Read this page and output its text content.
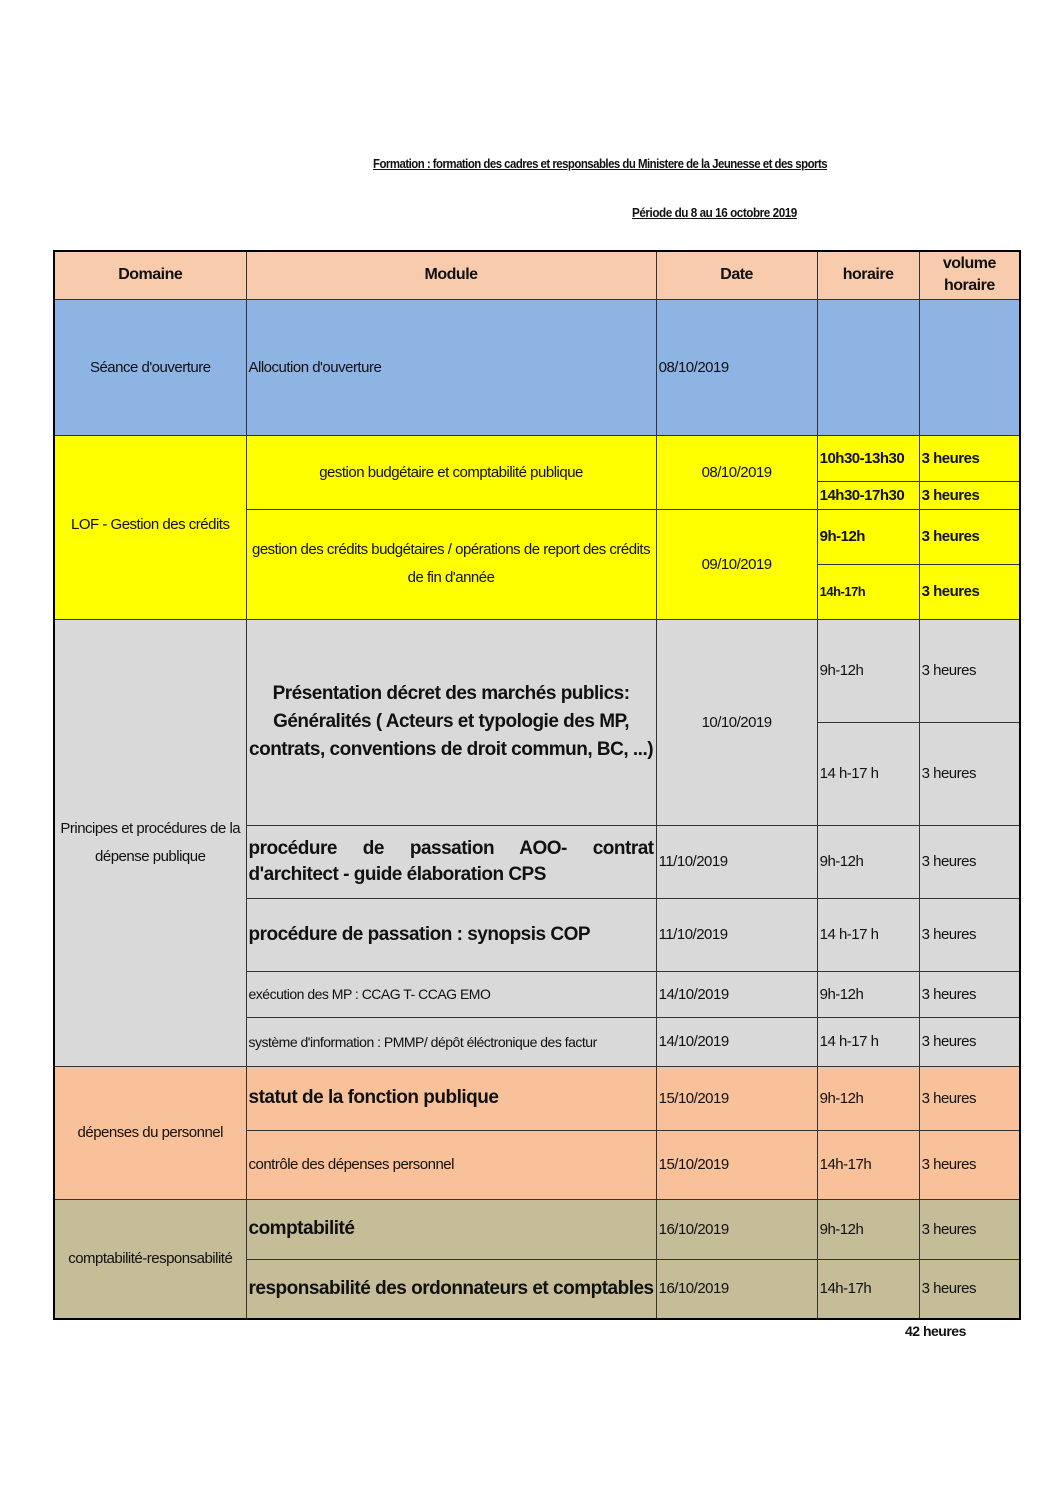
Formation : formation des cadres et responsables du Ministere de la Jeunesse et des sports
Période du 8 au 16 octobre 2019
Domaine	Module	Date	horaire	volume horaire
Séance d'ouverture	Allocution d'ouverture	08/10/2019		
LOF - Gestion des crédits	gestion budgétaire et comptabilité publique	08/10/2019	10h30-13h30	3 heures
			14h30-17h30	3 heures
	gestion des crédits budgétaires / opérations de report des crédits de fin d'année	09/10/2019	9h-12h	3 heures
			14h-17h	3 heures
Principes et procédures de la dépense publique	Présentation décret des marchés publics: Généralités ( Acteurs et typologie des MP, contrats, conventions de droit commun, BC, ...)	10/10/2019	9h-12h	3 heures
			14 h-17 h	3 heures
	procédure de passation AOO- contrat d'architect - guide élaboration CPS	11/10/2019	9h-12h	3 heures
	procédure de passation : synopsis COP	11/10/2019	14 h-17 h	3 heures
	exécution des MP : CCAG T- CCAG EMO	14/10/2019	9h-12h	3 heures
	système d'information : PMMP/ dépôt éléctronique des factur	14/10/2019	14 h-17 h	3 heures
dépenses du personnel	statut de la fonction publique	15/10/2019	9h-12h	3 heures
	contrôle des dépenses personnel	15/10/2019	14h-17h	3 heures
comptabilité-responsabilité	comptabilité	16/10/2019	9h-12h	3 heures
	responsabilité des ordonnateurs et comptables	16/10/2019	14h-17h	3 heures
42 heures
